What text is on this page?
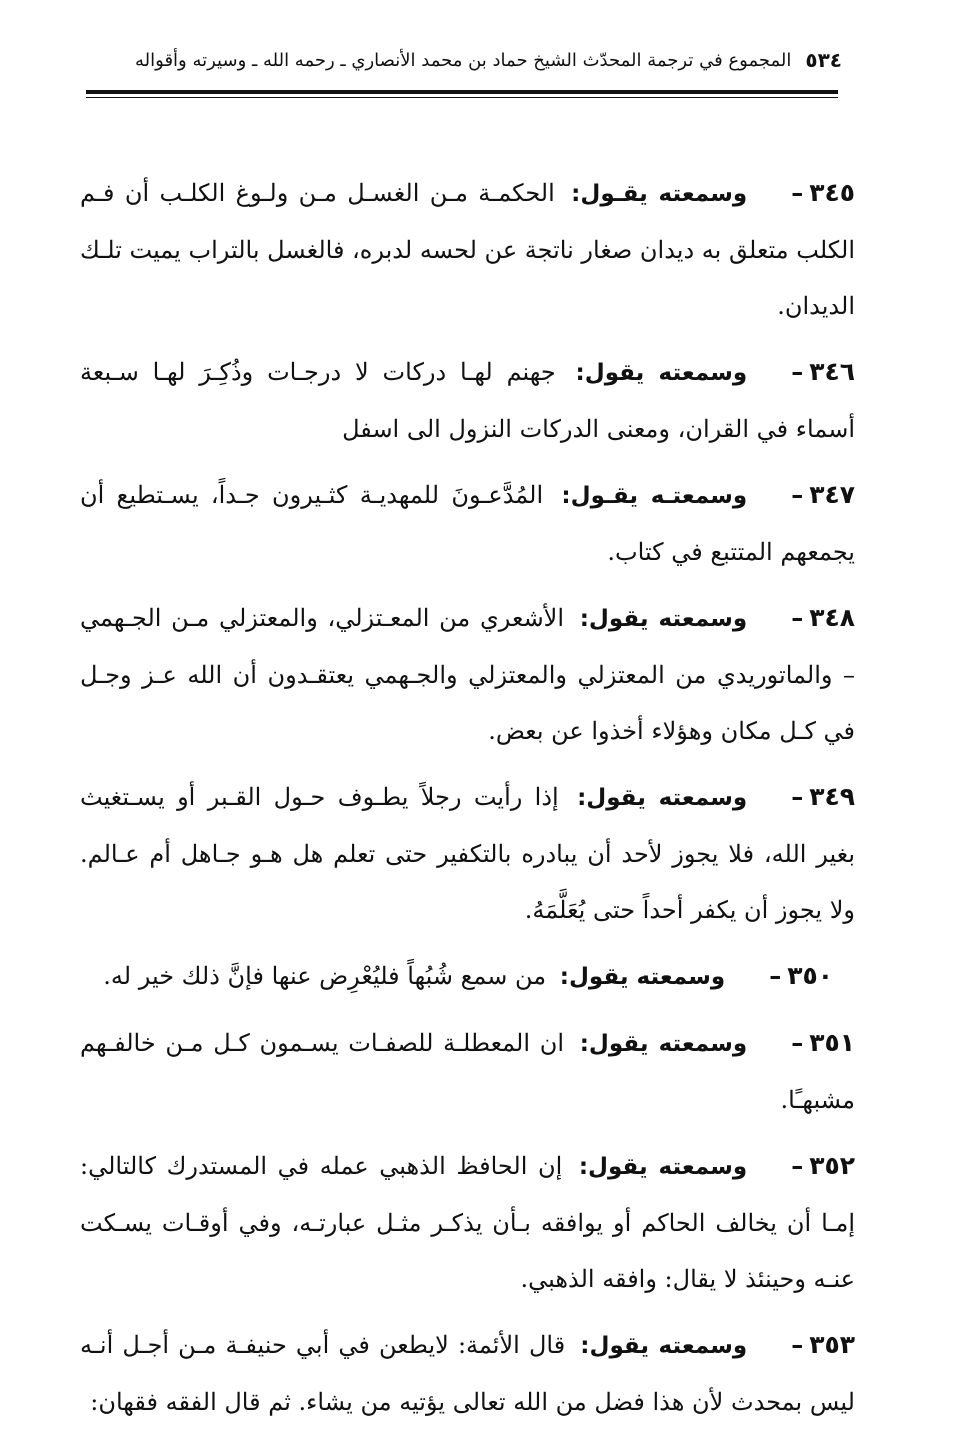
٥٣٤
المجموع في ترجمة المحدّث الشيخ حماد بن محمد الأنصاري ـ رحمه الله ـ وسيرته وأقواله

٣٤٥–وسمعته يقـول: الحكمـة مـن الغسـل مـن ولـوغ الكلـب أن فـم الكلب متعلق به ديدان صغار ناتجة عن لحسه لدبره، فالغسل بالتراب يميت تلـك الديدان.

٣٤٦–وسمعته يقول: جهنم لهـا دركات لا درجـات وذُكِـرَ لهـا سـبعة أسماء في القران، ومعنى الدركات النزول الى اسفل

٣٤٧–وسمعتـه يقـول: المُدَّعـونَ للمهديـة كثـيرون جـداً، يسـتطيع أن يجمعهم المتتبع في كتاب.

٣٤٨–وسمعته يقول: الأشعري من المعـتزلي، والمعتزلي مـن الجـهمي – والماتوريدي من المعتزلي والمعتزلي والجـهمي يعتقـدون أن الله عـز وجـل في كـل مكان وهؤلاء أخذوا عن بعض.

٣٤٩–وسمعته يقول: إذا رأيت رجلاً يطـوف حـول القـبر أو يسـتغيث بغير الله، فلا يجوز لأحد أن يبادره بالتكفير حتى تعلم هل هـو جـاهل أم عـالم. ولا يجوز أن يكفر أحداً حتى يُعَلَّمَهُ.

٣٥٠–وسمعته يقول: من سمع شُبُهاً فليُعْرِض عنها فإنَّ ذلك خير له.

٣٥١–وسمعته يقول: ان المعطلـة للصفـات يسـمون كـل مـن خالفـهم مشبهـًا.

٣٥٢–وسمعته يقول: إن الحافظ الذهبي عمله في المستدرك كالتالي: إمـا أن يخالف الحاكم أو يوافقه بـأن يذكـر مثـل عبارتـه، وفي أوقـات يسـكت عنـه وحينئذ لا يقال: وافقه الذهبي.

٣٥٣–وسمعته يقول: قال الأئمة: لايطعن في أبي حنيفـة مـن أجـل أنـه ليس بمحدث لأن هذا فضل من الله تعالى يؤتيه من يشاء. ثم قال الفقه فقهان:
